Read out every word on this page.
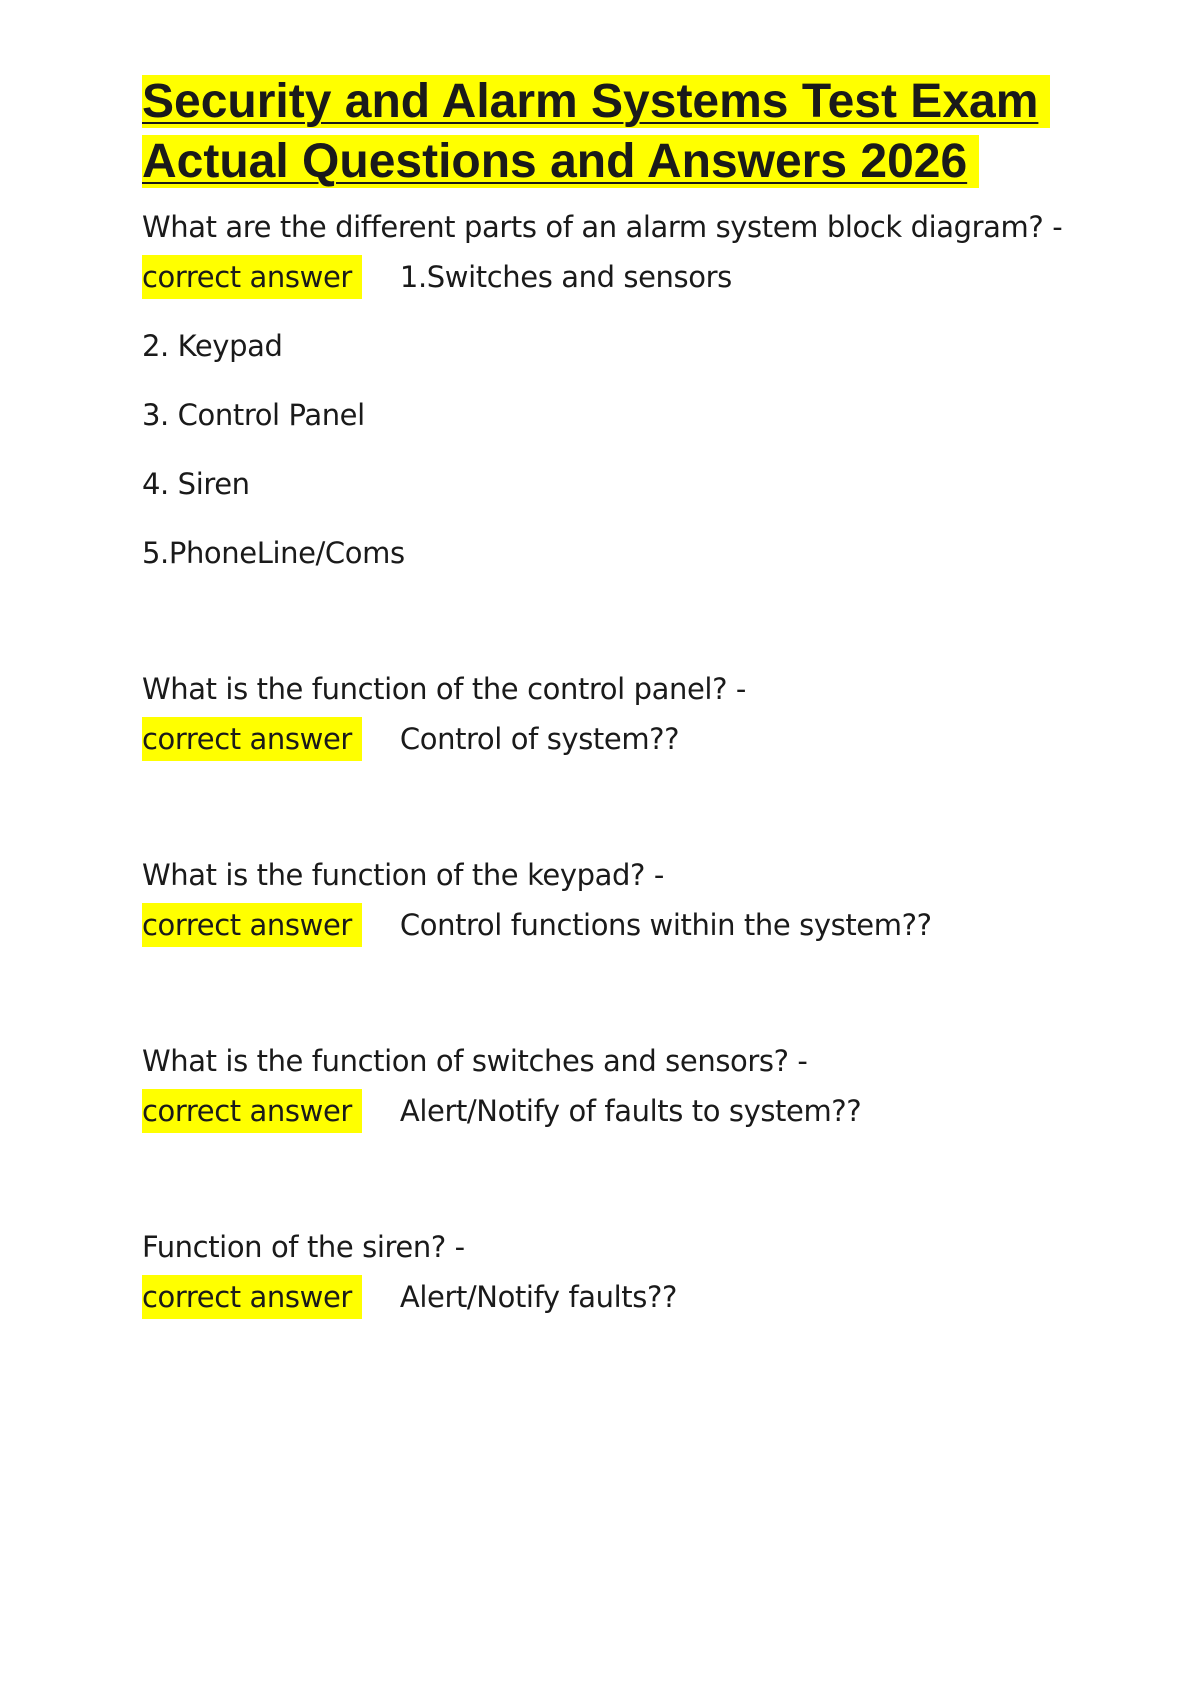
Security and Alarm Systems Test Exam Actual Questions and Answers 2026
What are the different parts of an alarm system block diagram? -
correct answer 1.Switches and sensors
2. Keypad
3. Control Panel
4. Siren
5.PhoneLine/Coms
What is the function of the control panel? -
correct answer Control of system??
What is the function of the keypad? -
correct answer Control functions within the system??
What is the function of switches and sensors? -
correct answer Alert/Notify of faults to system??
Function of the siren? -
correct answer Alert/Notify faults??
